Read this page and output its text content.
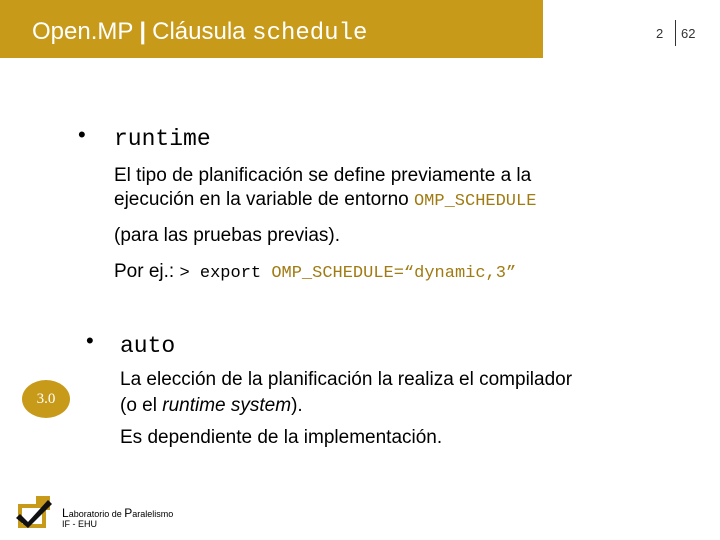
Open.MP | Cláusula schedule	2 62
• runtime

El tipo de planificación se define previamente a la

ejecución en la variable de entorno OMP_SCHEDULE

(para las pruebas previas).

Por ej.: > export OMP_SCHEDULE=“dynamic,3”

• auto

La elección de la planificación la realiza el compilador

(o el runtime system).

Es dependiente de la implementación.

3.0
Laboratorio de Paralelismo
IF - EHU
